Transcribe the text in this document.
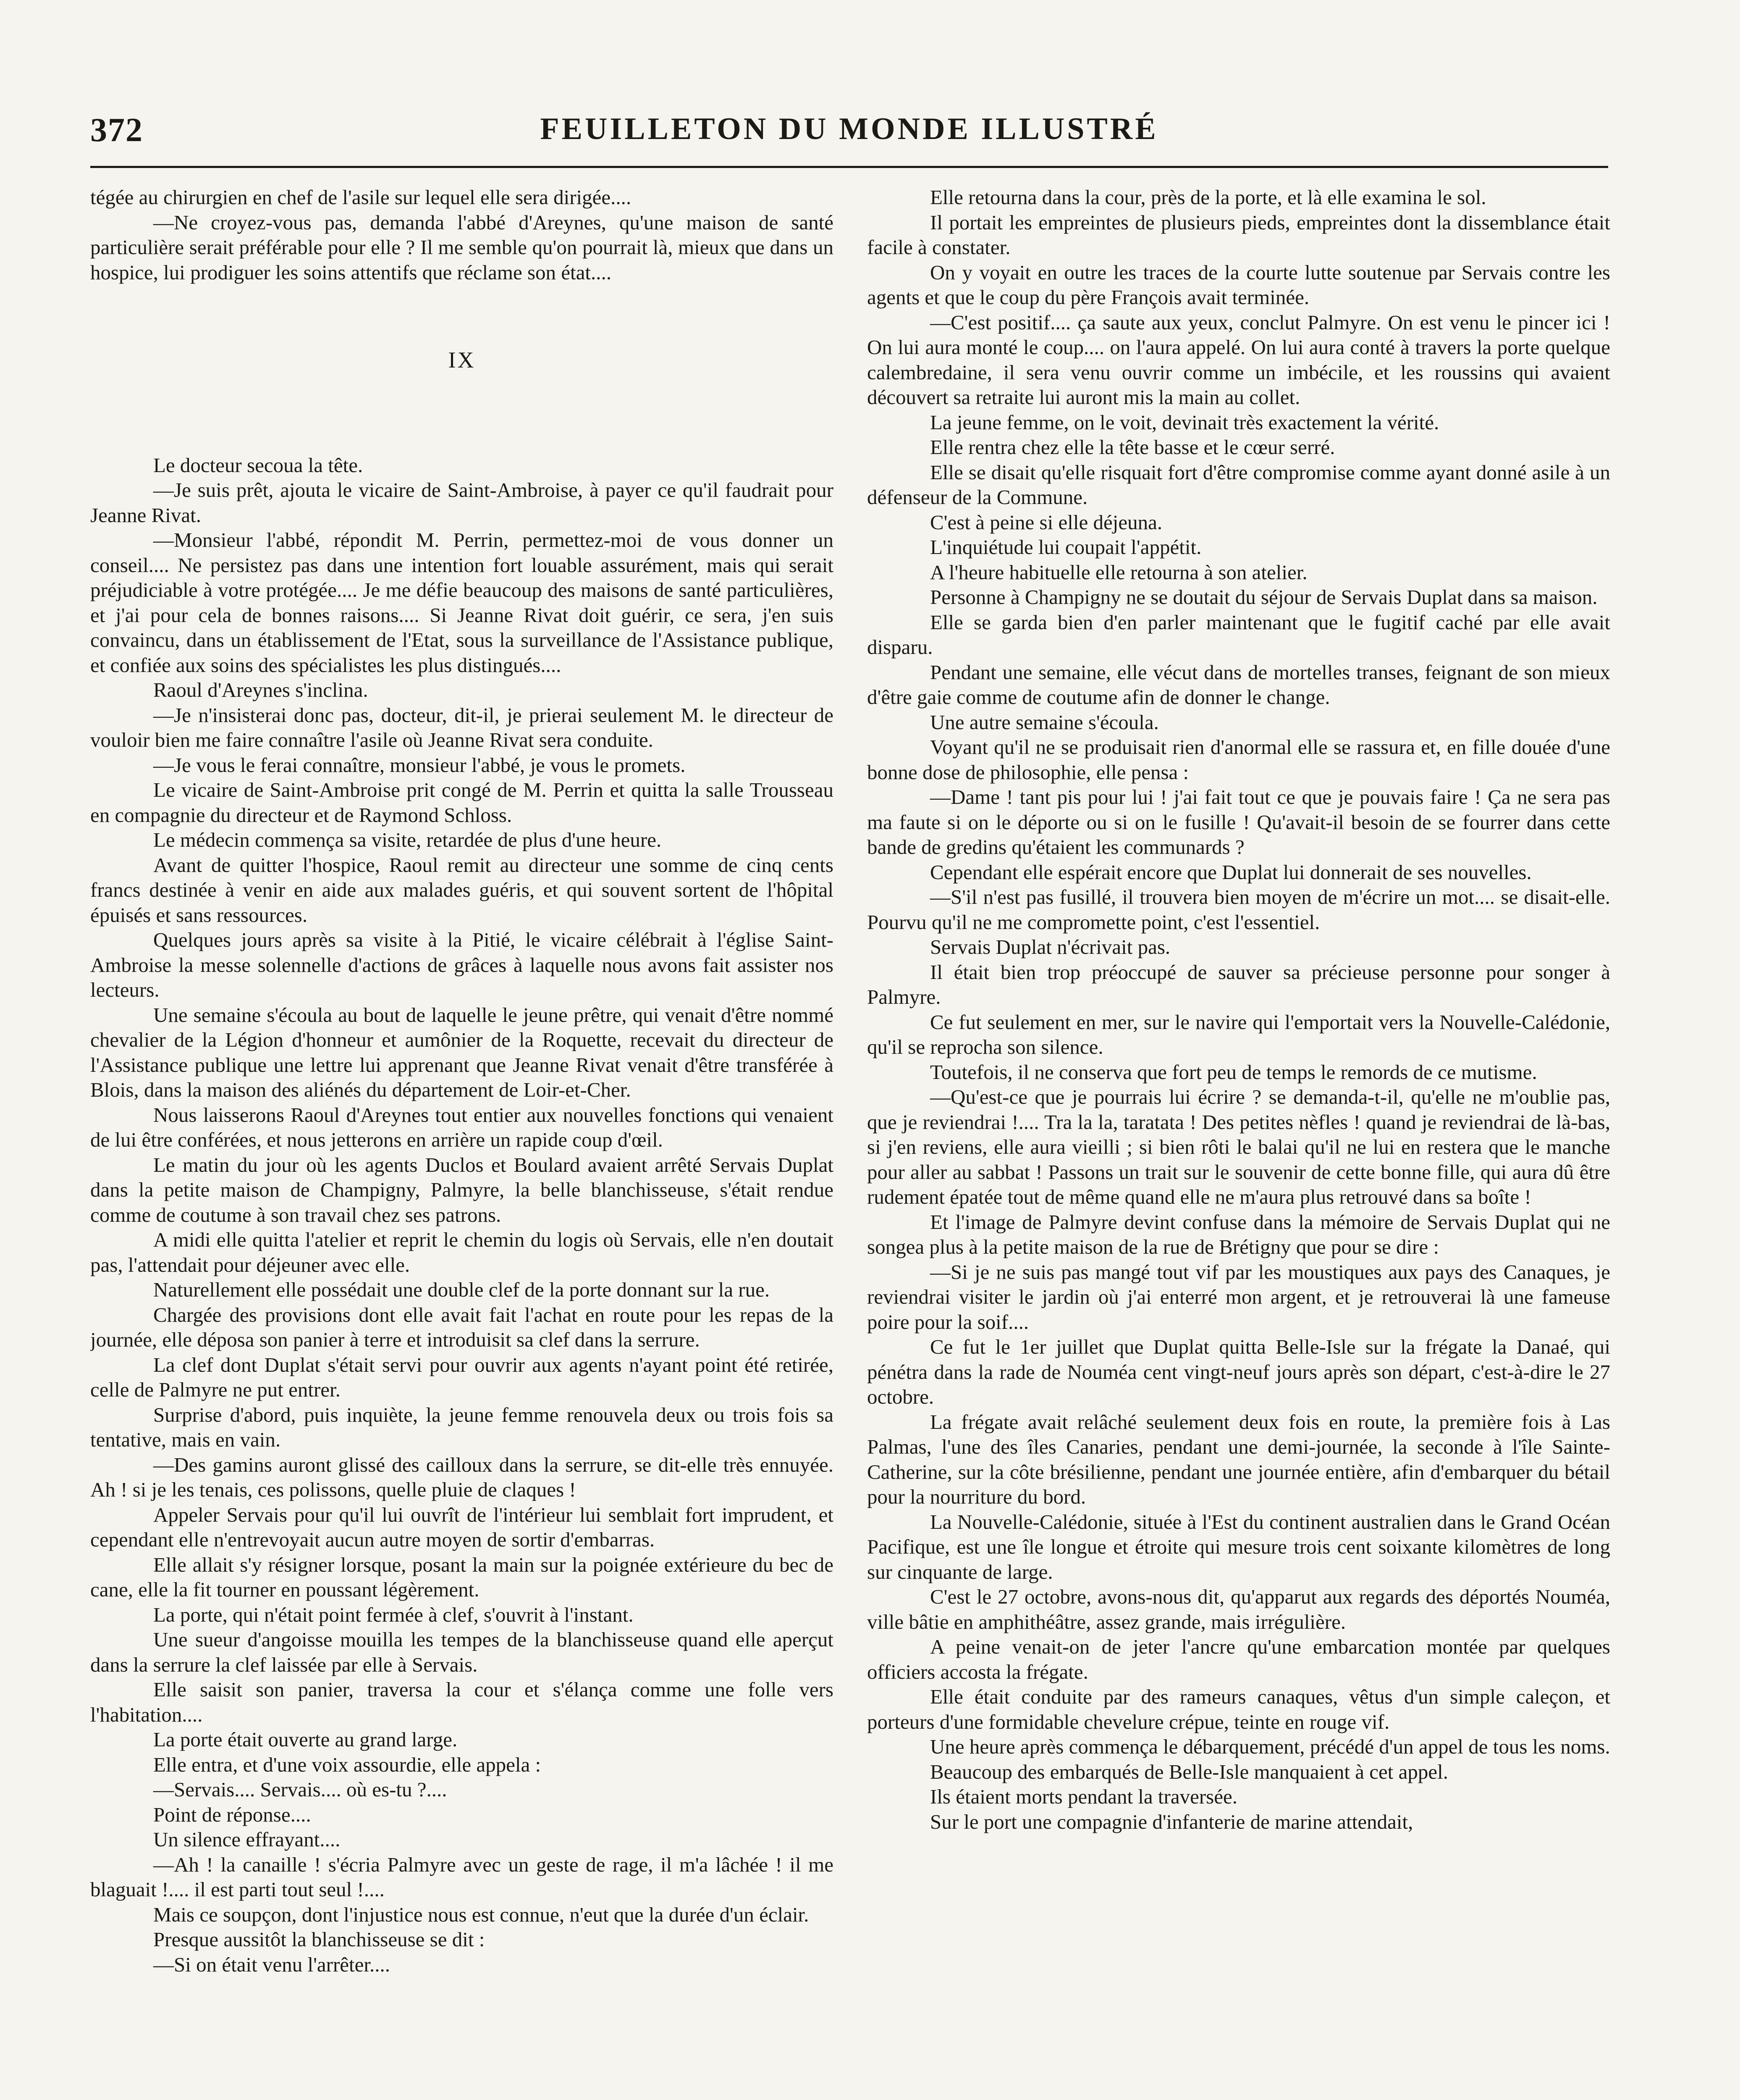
372	FEUILLETON DU MONDE ILLUSTRÉ

tégée au chirurgien en chef de l'asile sur lequel elle sera dirigée....

—Ne croyez-vous pas, demanda l'abbé d'Areynes, qu'une maison de santé particulière serait préférable pour elle ? Il me semble qu'on pourrait là, mieux que dans un hospice, lui prodiguer les soins attentifs que réclame son état....

IX

Le docteur secoua la tête.

—Je suis prêt, ajouta le vicaire de Saint-Ambroise, à payer ce qu'il faudrait pour Jeanne Rivat.

—Monsieur l'abbé, répondit M. Perrin, permettez-moi de vous donner un conseil.... Ne persistez pas dans une intention fort louable assurément, mais qui serait préjudiciable à votre protégée.... Je me défie beaucoup des maisons de santé particulières, et j'ai pour cela de bonnes raisons.... Si Jeanne Rivat doit guérir, ce sera, j'en suis convaincu, dans un établissement de l'Etat, sous la surveillance de l'Assistance publique, et confiée aux soins des spécialistes les plus distingués....

Raoul d'Areynes s'inclina.

—Je n'insisterai donc pas, docteur, dit-il, je prierai seulement M. le directeur de vouloir bien me faire connaître l'asile où Jeanne Rivat sera conduite.

—Je vous le ferai connaître, monsieur l'abbé, je vous le promets.

Le vicaire de Saint-Ambroise prit congé de M. Perrin et quitta la salle Trousseau en compagnie du directeur et de Raymond Schloss.

Le médecin commença sa visite, retardée de plus d'une heure.

Avant de quitter l'hospice, Raoul remit au directeur une somme de cinq cents francs destinée à venir en aide aux malades guéris, et qui souvent sortent de l'hôpital épuisés et sans ressources.

Quelques jours après sa visite à la Pitié, le vicaire célébrait à l'église Saint-Ambroise la messe solennelle d'actions de grâces à laquelle nous avons fait assister nos lecteurs.

Une semaine s'écoula au bout de laquelle le jeune prêtre, qui venait d'être nommé chevalier de la Légion d'honneur et aumônier de la Roquette, recevait du directeur de l'Assistance publique une lettre lui apprenant que Jeanne Rivat venait d'être transférée à Blois, dans la maison des aliénés du département de Loir-et-Cher.

Nous laisserons Raoul d'Areynes tout entier aux nouvelles fonctions qui venaient de lui être conférées, et nous jetterons en arrière un rapide coup d'œil.

Le matin du jour où les agents Duclos et Boulard avaient arrêté Servais Duplat dans la petite maison de Champigny, Palmyre, la belle blanchisseuse, s'était rendue comme de coutume à son travail chez ses patrons.

A midi elle quitta l'atelier et reprit le chemin du logis où Servais, elle n'en doutait pas, l'attendait pour déjeuner avec elle.

Naturellement elle possédait une double clef de la porte donnant sur la rue.

Chargée des provisions dont elle avait fait l'achat en route pour les repas de la journée, elle déposa son panier à terre et introduisit sa clef dans la serrure.

La clef dont Duplat s'était servi pour ouvrir aux agents n'ayant point été retirée, celle de Palmyre ne put entrer.

Surprise d'abord, puis inquiète, la jeune femme renouvela deux ou trois fois sa tentative, mais en vain.

—Des gamins auront glissé des cailloux dans la serrure, se dit-elle très ennuyée. Ah ! si je les tenais, ces polissons, quelle pluie de claques !

Appeler Servais pour qu'il lui ouvrît de l'intérieur lui semblait fort imprudent, et cependant elle n'entrevoyait aucun autre moyen de sortir d'embarras.

Elle allait s'y résigner lorsque, posant la main sur la poignée extérieure du bec de cane, elle la fit tourner en poussant légèrement.

La porte, qui n'était point fermée à clef, s'ouvrit à l'instant.

Une sueur d'angoisse mouilla les tempes de la blanchisseuse quand elle aperçut dans la serrure la clef laissée par elle à Servais.

Elle saisit son panier, traversa la cour et s'élança comme une folle vers l'habitation....

La porte était ouverte au grand large.

Elle entra, et d'une voix assourdie, elle appela :

—Servais.... Servais.... où es-tu ?....

Point de réponse....

Un silence effrayant....

—Ah ! la canaille ! s'écria Palmyre avec un geste de rage, il m'a lâchée ! il me blaguait !.... il est parti tout seul !....

Mais ce soupçon, dont l'injustice nous est connue, n'eut que la durée d'un éclair.

Presque aussitôt la blanchisseuse se dit :

—Si on était venu l'arrêter....

Elle retourna dans la cour, près de la porte, et là elle examina le sol.

Il portait les empreintes de plusieurs pieds, empreintes dont la dissemblance était facile à constater.

On y voyait en outre les traces de la courte lutte soutenue par Servais contre les agents et que le coup du père François avait terminée.

—C'est positif.... ça saute aux yeux, conclut Palmyre. On est venu le pincer ici ! On lui aura monté le coup.... on l'aura appelé. On lui aura conté à travers la porte quelque calembredaine, il sera venu ouvrir comme un imbécile, et les roussins qui avaient découvert sa retraite lui auront mis la main au collet.

La jeune femme, on le voit, devinait très exactement la vérité.

Elle rentra chez elle la tête basse et le cœur serré.

Elle se disait qu'elle risquait fort d'être compromise comme ayant donné asile à un défenseur de la Commune.

C'est à peine si elle déjeuna.

L'inquiétude lui coupait l'appétit.

A l'heure habituelle elle retourna à son atelier.

Personne à Champigny ne se doutait du séjour de Servais Duplat dans sa maison.

Elle se garda bien d'en parler maintenant que le fugitif caché par elle avait disparu.

Pendant une semaine, elle vécut dans de mortelles transes, feignant de son mieux d'être gaie comme de coutume afin de donner le change.

Une autre semaine s'écoula.

Voyant qu'il ne se produisait rien d'anormal elle se rassura et, en fille douée d'une bonne dose de philosophie, elle pensa :

—Dame ! tant pis pour lui ! j'ai fait tout ce que je pouvais faire ! Ça ne sera pas ma faute si on le déporte ou si on le fusille ! Qu'avait-il besoin de se fourrer dans cette bande de gredins qu'étaient les communards ?

Cependant elle espérait encore que Duplat lui donnerait de ses nouvelles.

—S'il n'est pas fusillé, il trouvera bien moyen de m'écrire un mot.... se disait-elle. Pourvu qu'il ne me compromette point, c'est l'essentiel.

Servais Duplat n'écrivait pas.

Il était bien trop préoccupé de sauver sa précieuse personne pour songer à Palmyre.

Ce fut seulement en mer, sur le navire qui l'emportait vers la Nouvelle-Calédonie, qu'il se reprocha son silence.

Toutefois, il ne conserva que fort peu de temps le remords de ce mutisme.

—Qu'est-ce que je pourrais lui écrire ? se demanda-t-il, qu'elle ne m'oublie pas, que je reviendrai !.... Tra la la, taratata ! Des petites nèfles ! quand je reviendrai de là-bas, si j'en reviens, elle aura vieilli ; si bien rôti le balai qu'il ne lui en restera que le manche pour aller au sabbat ! Passons un trait sur le souvenir de cette bonne fille, qui aura dû être rudement épatée tout de même quand elle ne m'aura plus retrouvé dans sa boîte !

Et l'image de Palmyre devint confuse dans la mémoire de Servais Duplat qui ne songea plus à la petite maison de la rue de Brétigny que pour se dire :

—Si je ne suis pas mangé tout vif par les moustiques aux pays des Canaques, je reviendrai visiter le jardin où j'ai enterré mon argent, et je retrouverai là une fameuse poire pour la soif....

Ce fut le 1er juillet que Duplat quitta Belle-Isle sur la frégate la Danaé, qui pénétra dans la rade de Nouméa cent vingt-neuf jours après son départ, c'est-à-dire le 27 octobre.

La frégate avait relâché seulement deux fois en route, la première fois à Las Palmas, l'une des îles Canaries, pendant une demi-journée, la seconde à l'île Sainte-Catherine, sur la côte brésilienne, pendant une journée entière, afin d'embarquer du bétail pour la nourriture du bord.

La Nouvelle-Calédonie, située à l'Est du continent australien dans le Grand Océan Pacifique, est une île longue et étroite qui mesure trois cent soixante kilomètres de long sur cinquante de large.

C'est le 27 octobre, avons-nous dit, qu'apparut aux regards des déportés Nouméa, ville bâtie en amphithéâtre, assez grande, mais irrégulière.

A peine venait-on de jeter l'ancre qu'une embarcation montée par quelques officiers accosta la frégate.

Elle était conduite par des rameurs canaques, vêtus d'un simple caleçon, et porteurs d'une formidable chevelure crépue, teinte en rouge vif.

Une heure après commença le débarquement, précédé d'un appel de tous les noms.

Beaucoup des embarqués de Belle-Isle manquaient à cet appel.

Ils étaient morts pendant la traversée.

Sur le port une compagnie d'infanterie de marine attendait,
